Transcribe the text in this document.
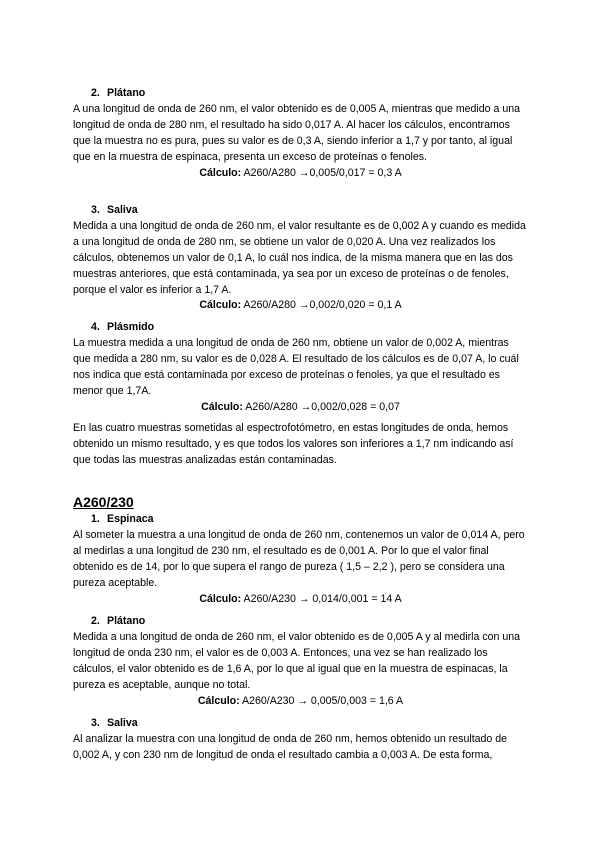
2. Plátano

A una longitud de onda de 260 nm, el valor obtenido es de 0,005 A, mientras que medido a una longitud de onda de 280 nm, el resultado ha sido 0,017 A. Al hacer los cálculos, encontramos que la muestra no es pura, pues su valor es de 0,3 A, siendo inferior a 1,7 y por tanto, al igual que en la muestra de espinaca, presenta un exceso de proteínas o fenoles.

Cálculo: A260/A280 →0,005/0,017 = 0,3 A
3. Saliva

Medida a una longitud de onda de 260 nm, el valor resultante es de 0,002 A y cuando es medida a una longitud de onda de 280 nm, se obtiene un valor de 0,020 A. Una vez realizados los cálculos, obtenemos un valor de 0,1 A, lo cuál nos indica, de la misma manera que en las dos muestras anteriores, que está contaminada, ya sea por un exceso de proteínas o de fenoles, porque el valor es inferior a 1,7 A.

Cálculo: A260/A280 →0,002/0,020 = 0,1 A
4. Plásmido

La muestra medida a una longitud de onda de 260 nm, obtiene un valor de 0,002 A, mientras que medida a 280 nm, su valor es de 0,028 A. El resultado de los cálculos es de 0,07 A, lo cuál nos indica que está contaminada por exceso de proteínas o fenoles, ya que el resultado es menor que 1,7A.

Cálculo: A260/A280 →0,002/0,028 = 0,07

En las cuatro muestras sometidas al espectrofotómetro, en estas longitudes de onda, hemos obtenido un mismo resultado, y es que todos los valores son inferiores a 1,7 nm indicando así que todas las muestras analizadas están contaminadas.

A260/230
1. Espinaca

Al someter la muestra a una longitud de onda de 260 nm, contenemos un valor de 0,014 A, pero al medirlas a una longitud de 230 nm, el resultado es de 0,001 A. Por lo que el valor final obtenido es de 14, por lo que supera el rango de pureza ( 1,5 – 2,2 ), pero se considera una pureza aceptable.

Cálculo: A260/A230 → 0,014/0,001 = 14 A
2. Plátano

Medida a una longitud de onda de 260 nm, el valor obtenido es de 0,005 A y al medirla con una longitud de onda 230 nm, el valor es de 0,003 A. Entonces, una vez se han realizado los cálculos, el valor obtenido es de 1,6 A, por lo que al igual que en la muestra de espinacas, la pureza es aceptable, aunque no total.

Cálculo: A260/A230 → 0,005/0,003 = 1,6 A
3. Saliva

Al analizar la muestra con una longitud de onda de 260 nm, hemos obtenido un resultado de 0,002 A, y con 230 nm de longitud de onda el resultado cambia a 0,003 A. De esta forma,
